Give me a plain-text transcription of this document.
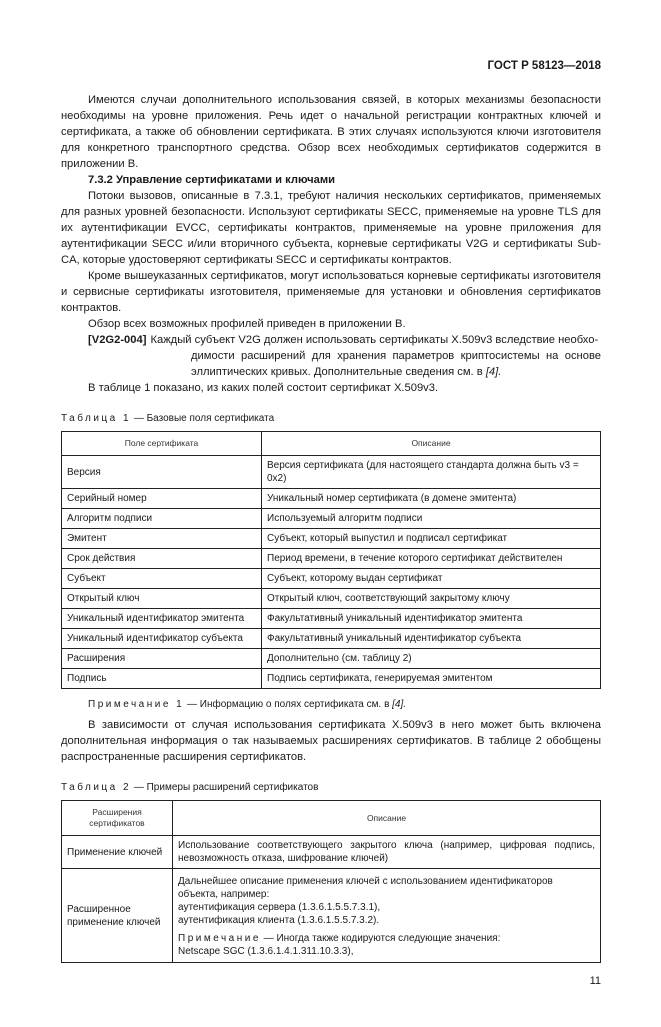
ГОСТ Р 58123—2018

Имеются случаи дополнительного использования связей, в которых механизмы безопасности необходимы на уровне приложения. Речь идет о начальной регистрации контрактных ключей и сертификата, а также об обновлении сертификата. В этих случаях используются ключи изготовителя для конкретного транспортного средства. Обзор всех необходимых сертификатов содержится в приложении В.

7.3.2 Управление сертификатами и ключами

Потоки вызовов, описанные в 7.3.1, требуют наличия нескольких сертификатов, применяемых для разных уровней безопасности. Используют сертификаты SECC, применяемые на уровне TLS для их аутентификации EVCC, сертификаты контрактов, применяемые на уровне приложения для аутентификации SECC и/или вторичного субъекта, корневые сертификаты V2G и сертификаты Sub-CA, которые удостоверяют сертификаты SECC и сертификаты контрактов.

Кроме вышеуказанных сертификатов, могут использоваться корневые сертификаты изготовителя и сервисные сертификаты изготовителя, применяемые для установки и обновления сертификатов контрактов.

Обзор всех возможных профилей приведен в приложении В.

[V2G2-004] Каждый субъект V2G должен использовать сертификаты X.509v3 вследствие необхо-
димости расширений для хранения параметров криптосистемы на основе эллиптических кривых. Дополнительные сведения см. в [4].

В таблице 1 показано, из каких полей состоит сертификат X.509v3.

Таблица 1 — Базовые поля сертификата
Поле сертификата	Описание
Версия	Версия сертификата (для настоящего стандарта должна быть v3 = 0x2)
Серийный номер	Уникальный номер сертификата (в домене эмитента)
Алгоритм подписи	Используемый алгоритм подписи
Эмитент	Субъект, который выпустил и подписал сертификат
Срок действия	Период времени, в течение которого сертификат действителен
Субъект	Субъект, которому выдан сертификат
Открытый ключ	Открытый ключ, соответствующий закрытому ключу
Уникальный идентификатор эмитента	Факультативный уникальный идентификатор эмитента
Уникальный идентификатор субъекта	Факультативный уникальный идентификатор субъекта
Расширения	Дополнительно (см. таблицу 2)
Подпись	Подпись сертификата, генерируемая эмитентом
Примечание 1 — Информацию о полях сертификата см. в [4].

В зависимости от случая использования сертификата X.509v3 в него может быть включена дополнительная информация о так называемых расширениях сертификатов. В таблице 2 обобщены распространенные расширения сертификатов.

Таблица 2 — Примеры расширений сертификатов
Расширения сертификатов	Описание
Применение ключей	Использование соответствующего закрытого ключа (например, цифровая подпись, невозможность отказа, шифрование ключей)
Расширенное применение ключей	Дальнейшее описание применения ключей с использованием идентификаторов объекта, например:
аутентификация сервера (1.3.6.1.5.5.7.3.1),
аутентификация клиента (1.3.6.1.5.5.7.3.2).
Примечание — Иногда также кодируются следующие значения:
Netscape SGC (1.3.6.1.4.1.311.10.3.3),
11
